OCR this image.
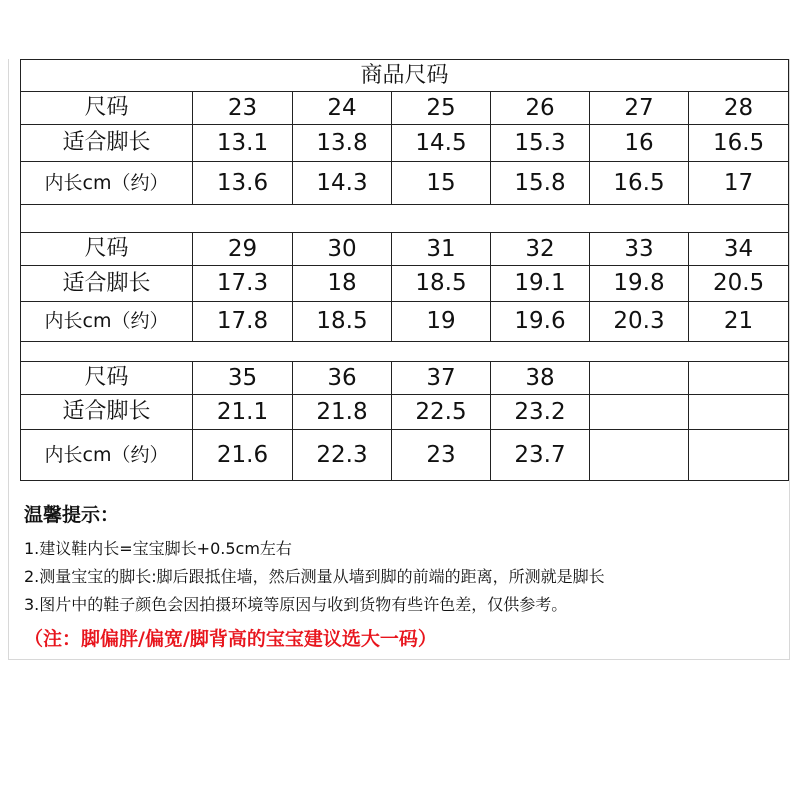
商品尺码						
尺码	23	24	25	26	27	28
适合脚长	13.1	13.8	14.5	15.3	16	16.5
内长cm（约）	13.6	14.3	15	15.8	16.5	17

尺码	29	30	31	32	33	34
适合脚长	17.3	18	18.5	19.1	19.8	20.5
内长cm（约）	17.8	18.5	19	19.6	20.3	21

尺码	35	36	37	38		
适合脚长	21.1	21.8	22.5	23.2		
内长cm（约）	21.6	22.3	23	23.7		
温馨提示：
1.建议鞋内长=宝宝脚长+0.5cm左右
2.测量宝宝的脚长:脚后跟抵住墙，然后测量从墙到脚的前端的距离，所测就是脚长
3.图片中的鞋子颜色会因拍摄环境等原因与收到货物有些许色差，仅供参考。
（注：脚偏胖/偏宽/脚背高的宝宝建议选大一码）
